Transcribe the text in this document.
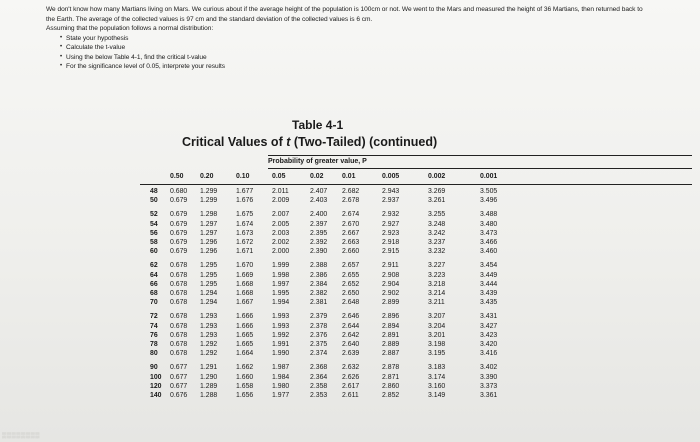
We don't know how many Martians living on Mars. We curious about if the average height of the population is 100cm or not. We went to the Mars and measured the height of 36 Martians, then returned back to the Earth. The average of the collected values is 97 cm and the standard deviation of the collected values is 6 cm.

Assuming that the population follows a normal distribution:

• State your hypothesis
• Calculate the t-value
• Using the below Table 4-1, find the critical t-value
• For the significance level of 0.05, interprete your results
Table 4-1
Critical Values of t (Two-Tailed) (continued)
Probability of greater value, P
0.50 0.20	0.10	0.05	0.02	0.01	0.005	0.002	0.001
48 0.680 1.299	1.677	2.011	2.407 2.682	2.943	3.269	3.505
50 0.679 1.299	1.676	2.009	2.403 2.678	2.937	3.261	3.496
52 0.679 1.298	1.675	2.007	2.400 2.674	2.932	3.255	3.488
54 0.679 1.297	1.674	2.005	2.397 2.670	2.927	3.248	3.480
56 0.679 1.297	1.673	2.003	2.395 2.667	2.923	3.242	3.473
58 0.679 1.296	1.672	2.002	2.392 2.663	2.918	3.237	3.466
60 0.679 1.296	1.671	2.000	2.390 2.660	2.915	3.232	3.460
62 0.678 1.295	1.670	1.999	2.388 2.657	2.911	3.227	3.454
64 0.678 1.295	1.669	1.998	2.386 2.655	2.908	3.223	3.449
66 0.678 1.295	1.668	1.997	2.384 2.652	2.904	3.218	3.444
68 0.678 1.294	1.668	1.995	2.382 2.650	2.902	3.214	3.439
70 0.678 1.294	1.667	1.994	2.381 2.648	2.899	3.211	3.435
72 0.678 1.293	1.666	1.993	2.379 2.646	2.896	3.207	3.431
74 0.678 1.293	1.666	1.993	2.378 2.644	2.894	3.204	3.427
76 0.678 1.293	1.665	1.992	2.376 2.642	2.891	3.201	3.423
78 0.678 1.292	1.665	1.991	2.375 2.640	2.889	3.198	3.420
80 0.678 1.292	1.664	1.990	2.374 2.639	2.887	3.195	3.416
90 0.677 1.291	1.662	1.987	2.368 2.632	2.878	3.183	3.402
100 0.677 1.290	1.660	1.984	2.364 2.626	2.871	3.174	3.390
120 0.677 1.289	1.658	1.980	2.358 2.617	2.860	3.160	3.373
140 0.676 1.288	1.656	1.977	2.353 2.611	2.852	3.149	3.361
▒▒▒▒▒▒▒▒
